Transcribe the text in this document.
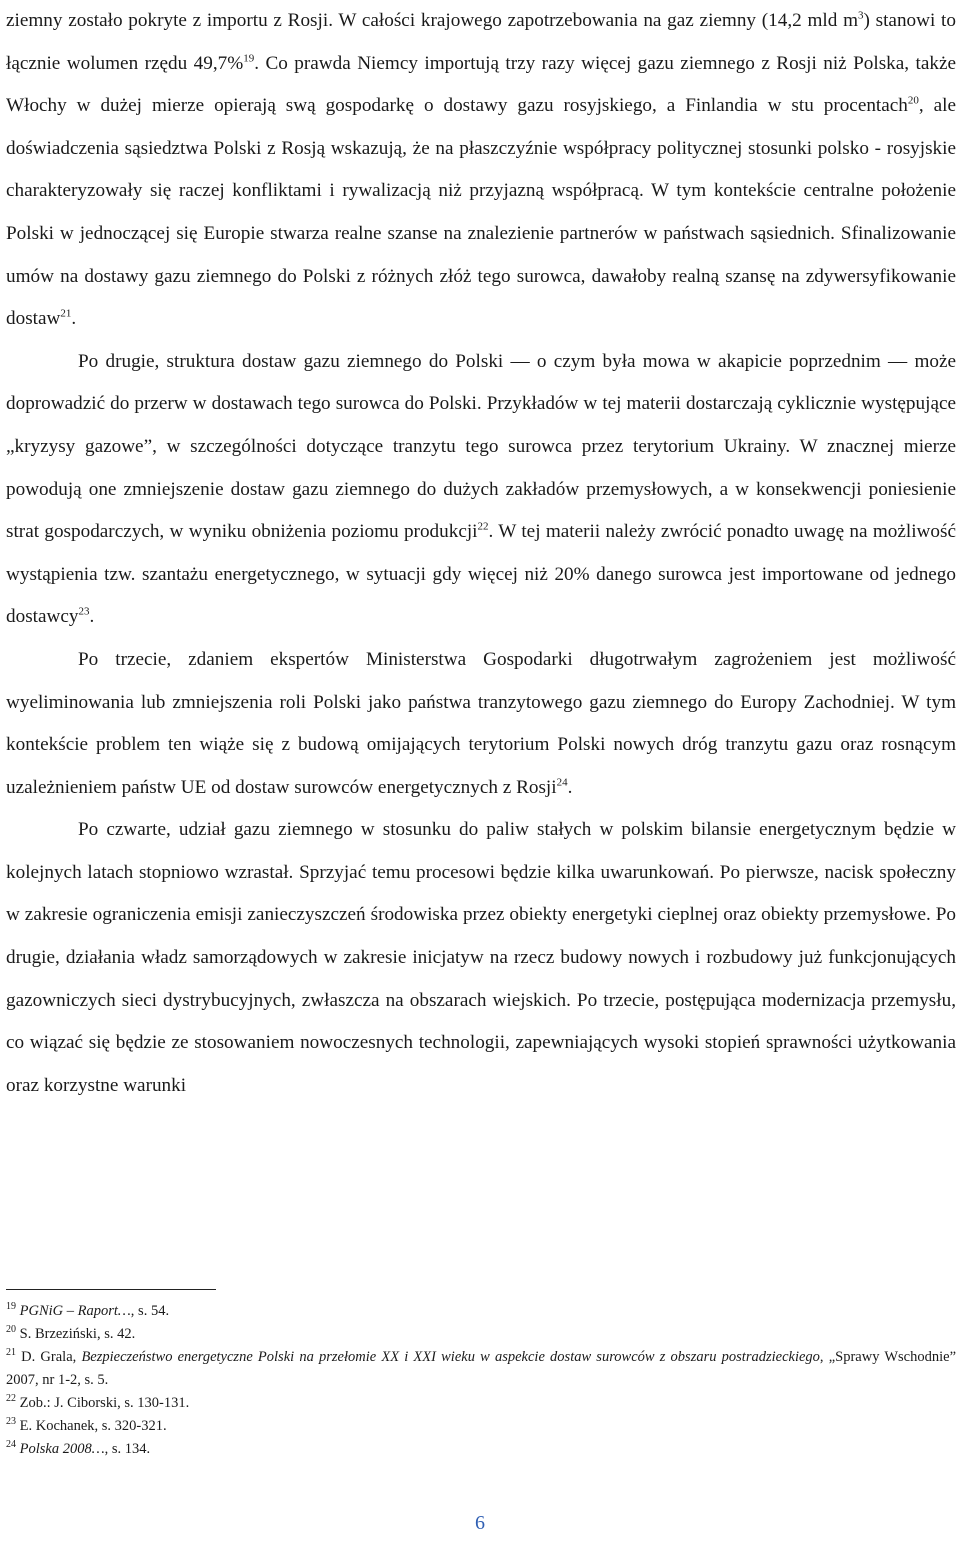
ziemny zostało pokryte z importu z Rosji. W całości krajowego zapotrzebowania na gaz ziemny (14,2 mld $m^3$) stanowi to łącznie wolumen rzędu 49,7%$^{19}$. Co prawda Niemcy importują trzy razy więcej gazu ziemnego z Rosji niż Polska, także Włochy w dużej mierze opierają swą gospodarkę o dostawy gazu rosyjskiego, a Finlandia w stu procentach$^{20}$, ale doświadczenia sąsiedztwa Polski z Rosją wskazują, że na płaszczyźnie współpracy politycznej stosunki polsko - rosyjskie charakteryzowały się raczej konfliktami i rywalizacją niż przyjazną współpracą. W tym kontekście centralne położenie Polski w jednoczącej się Europie stwarza realne szanse na znalezienie partnerów w państwach sąsiednich. Sfinalizowanie umów na dostawy gazu ziemnego do Polski z różnych złóż tego surowca, dawałoby realną szansę na zdywersyfikowanie dostaw$^{21}$.

Po drugie, struktura dostaw gazu ziemnego do Polski — o czym była mowa w akapicie poprzednim — może doprowadzić do przerw w dostawach tego surowca do Polski. Przykładów w tej materii dostarczają cyklicznie występujące „kryzysy gazowe”, w szczególności dotyczące tranzytu tego surowca przez terytorium Ukrainy. W znacznej mierze powodują one zmniejszenie dostaw gazu ziemnego do dużych zakładów przemysłowych, a w konsekwencji poniesienie strat gospodarczych, w wyniku obniżenia poziomu produkcji$^{22}$. W tej materii należy zwrócić ponadto uwagę na możliwość wystąpienia tzw. szantażu energetycznego, w sytuacji gdy więcej niż 20% danego surowca jest importowane od jednego dostawcy$^{23}$.

Po trzecie, zdaniem ekspertów Ministerstwa Gospodarki długotrwałym zagrożeniem jest możliwość wyeliminowania lub zmniejszenia roli Polski jako państwa tranzytowego gazu ziemnego do Europy Zachodniej. W tym kontekście problem ten wiąże się z budową omijających terytorium Polski nowych dróg tranzytu gazu oraz rosnącym uzależnieniem państw UE od dostaw surowców energetycznych z Rosji$^{24}$.

Po czwarte, udział gazu ziemnego w stosunku do paliw stałych w polskim bilansie energetycznym będzie w kolejnych latach stopniowo wzrastał. Sprzyjać temu procesowi będzie kilka uwarunkowań. Po pierwsze, nacisk społeczny w zakresie ograniczenia emisji zanieczyszczeń środowiska przez obiekty energetyki cieplnej oraz obiekty przemysłowe. Po drugie, działania władz samorządowych w zakresie inicjatyw na rzecz budowy nowych i rozbudowy już funkcjonujących gazowniczych sieci dystrybucyjnych, zwłaszcza na obszarach wiejskich. Po trzecie, postępująca modernizacja przemysłu, co wiązać się będzie ze stosowaniem nowoczesnych technologii, zapewniających wysoki stopień sprawności użytkowania oraz korzystne warunki

$^{19}$ PGNiG – Raport…, s. 54.

$^{20}$ S. Brzeziński, s. 42.

$^{21}$ D. Grala, Bezpieczeństwo energetyczne Polski na przełomie XX i XXI wieku w aspekcie dostaw surowców z obszaru postradzieckiego, „Sprawy Wschodnie” 2007, nr 1-2, s. 5.

$^{22}$ Zob.: J. Ciborski, s. 130-131.

$^{23}$ E. Kochanek, s. 320-321.

$^{24}$ Polska 2008…, s. 134.

6
